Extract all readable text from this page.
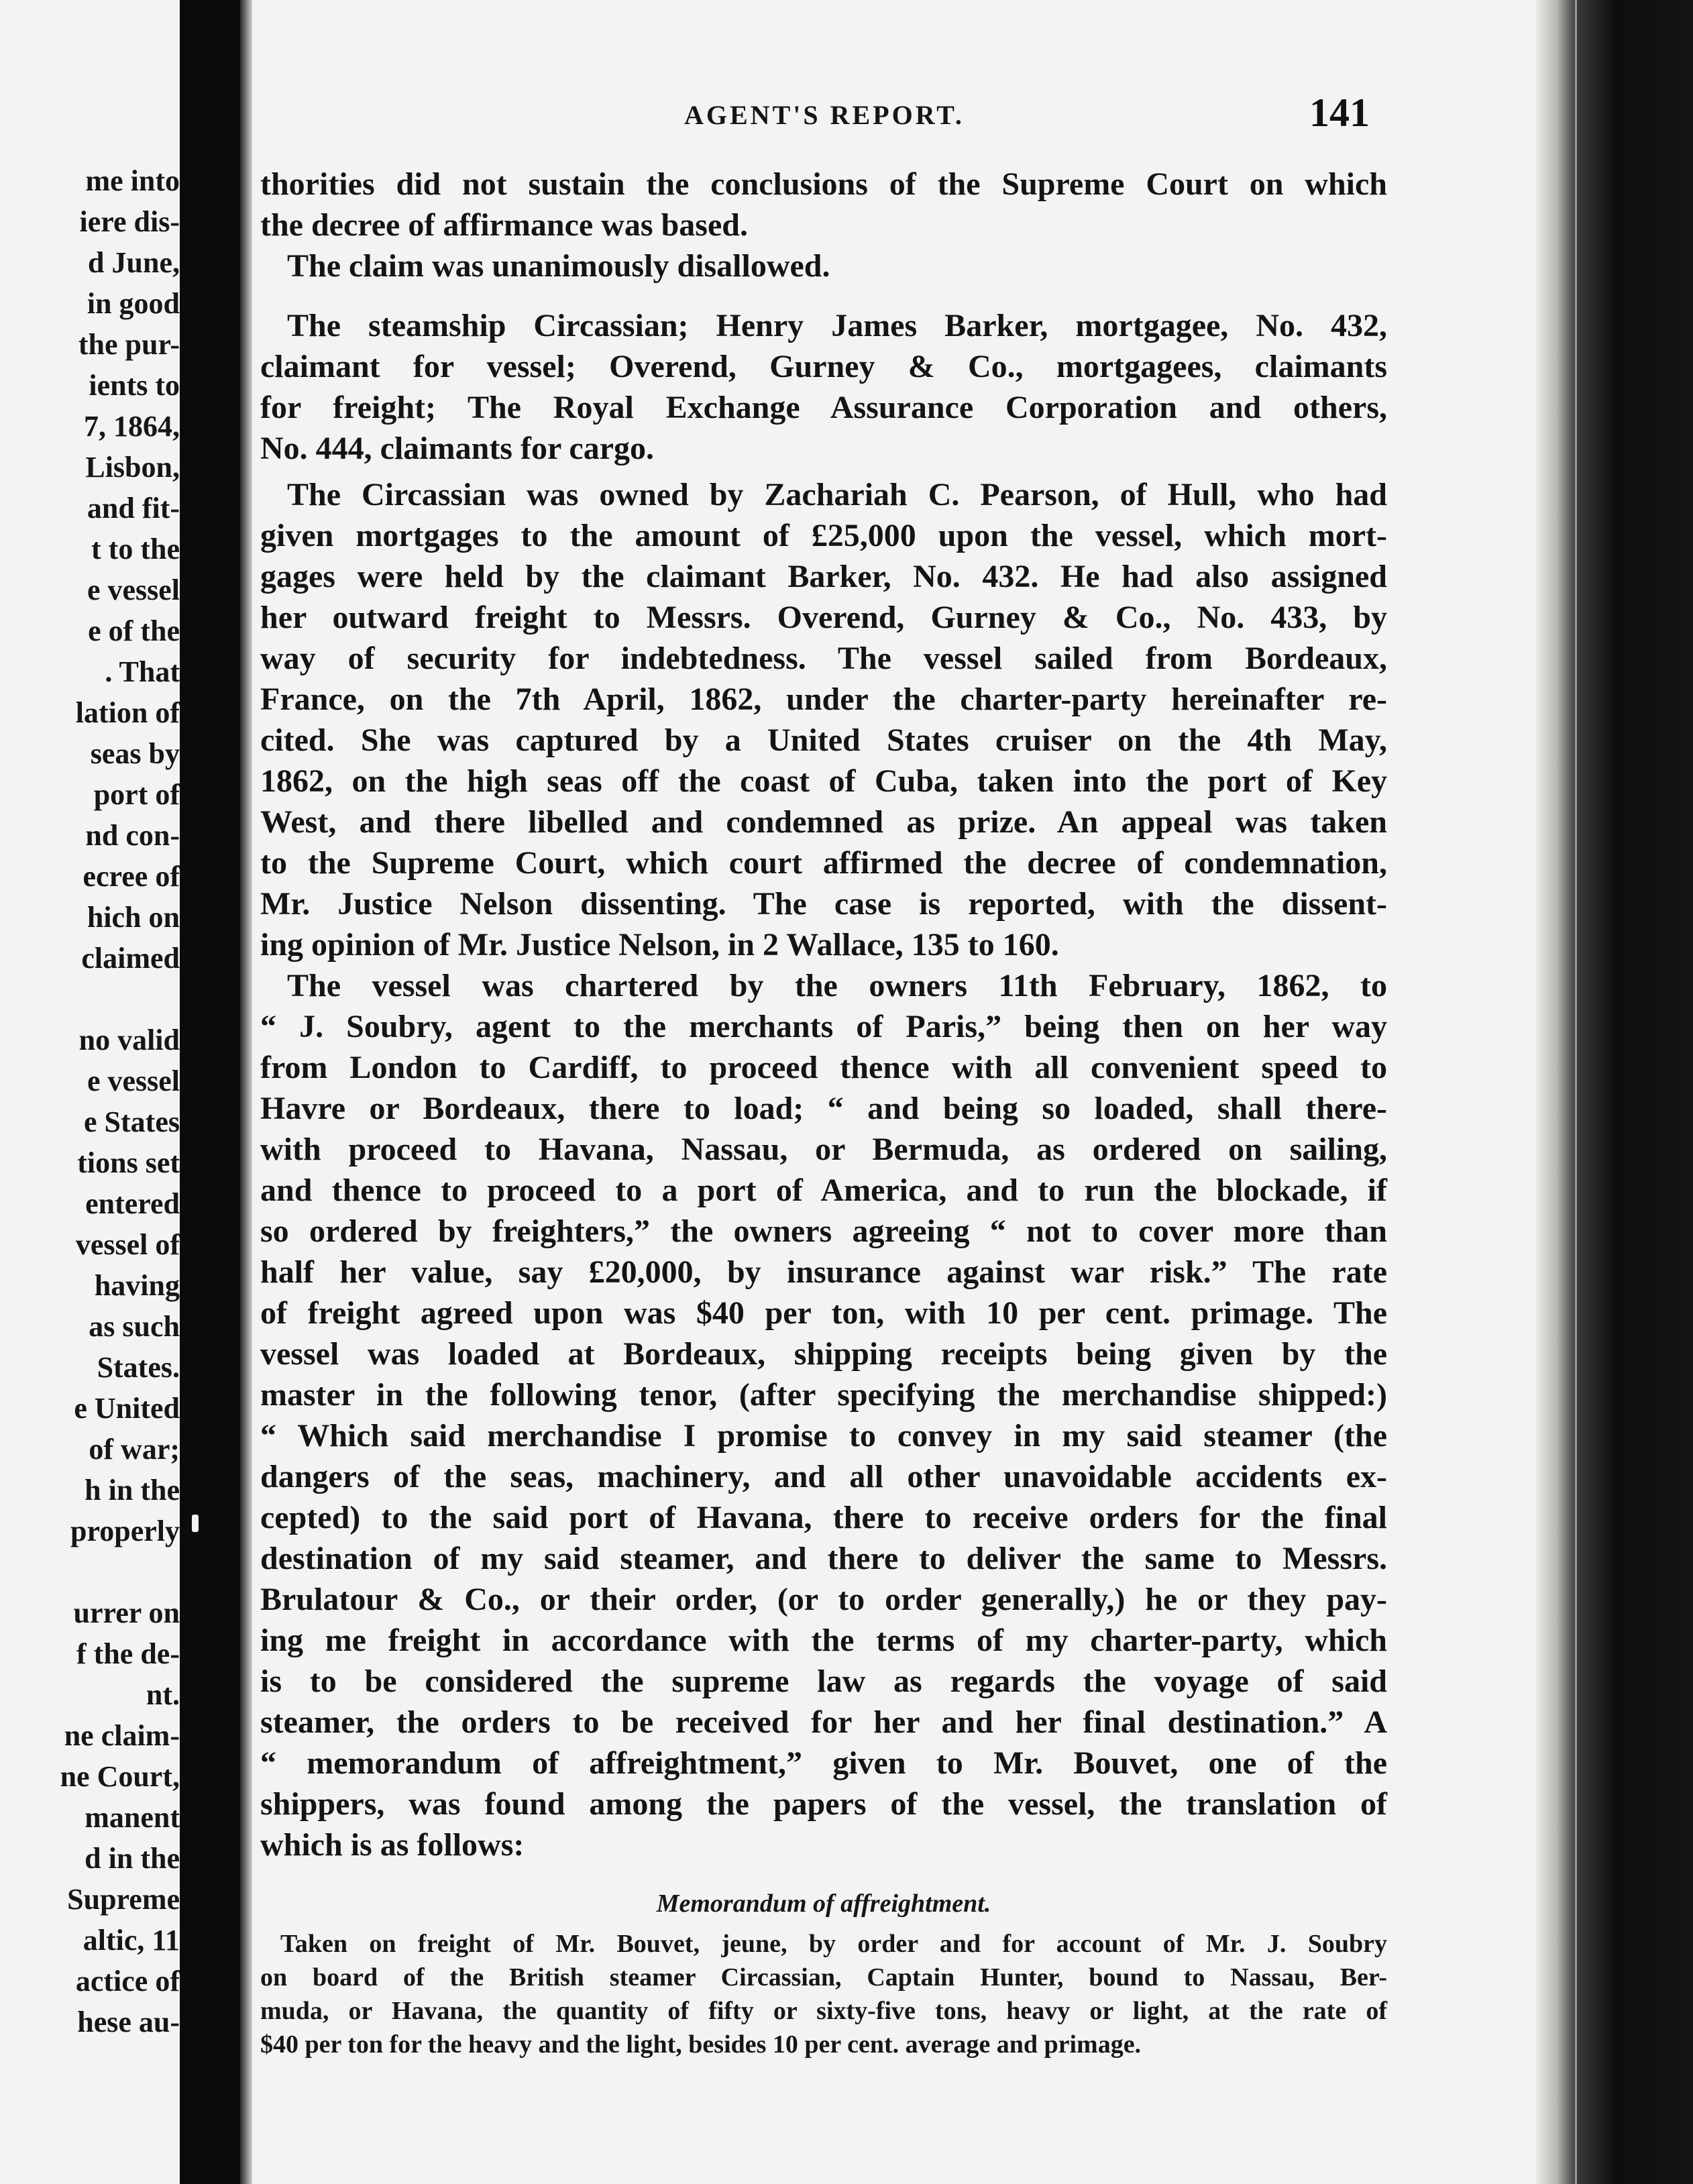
me into
iere dis-
d June,
in good
the pur-
ients to
7, 1864,
Lisbon,
and fit-
t to the
e vessel
e of the
. That
lation of
seas by
port of
nd con-
ecree of
hich on
claimed
no valid
e vessel
e States
tions set
entered
vessel of
having
as such
States.
e United
of war;
h in the
properly
urrer on
f the de-
nt.
ne claim-
ne Court,
manent
d in the
Supreme
altic, 11
actice of
hese au-
AGENT'S REPORT.	141
thorities did not sustain the conclusions of the Supreme Court on which
the decree of affirmance was based.
The claim was unanimously disallowed.
The steamship Circassian; Henry James Barker, mortgagee, No. 432,
claimant for vessel; Overend, Gurney & Co., mortgagees, claimants
for freight; The Royal Exchange Assurance Corporation and others,
No. 444, claimants for cargo.
The Circassian was owned by Zachariah C. Pearson, of Hull, who had
given mortgages to the amount of £25,000 upon the vessel, which mort-
gages were held by the claimant Barker, No. 432. He had also assigned
her outward freight to Messrs. Overend, Gurney & Co., No. 433, by
way of security for indebtedness. The vessel sailed from Bordeaux,
France, on the 7th April, 1862, under the charter-party hereinafter re-
cited. She was captured by a United States cruiser on the 4th May,
1862, on the high seas off the coast of Cuba, taken into the port of Key
West, and there libelled and condemned as prize. An appeal was taken
to the Supreme Court, which court affirmed the decree of condemnation,
Mr. Justice Nelson dissenting. The case is reported, with the dissent-
ing opinion of Mr. Justice Nelson, in 2 Wallace, 135 to 160.
The vessel was chartered by the owners 11th February, 1862, to
“ J. Soubry, agent to the merchants of Paris,” being then on her way
from London to Cardiff, to proceed thence with all convenient speed to
Havre or Bordeaux, there to load; “ and being so loaded, shall there-
with proceed to Havana, Nassau, or Bermuda, as ordered on sailing,
and thence to proceed to a port of America, and to run the blockade, if
so ordered by freighters,” the owners agreeing “ not to cover more than
half her value, say £20,000, by insurance against war risk.” The rate
of freight agreed upon was $40 per ton, with 10 per cent. primage. The
vessel was loaded at Bordeaux, shipping receipts being given by the
master in the following tenor, (after specifying the merchandise shipped:)
“ Which said merchandise I promise to convey in my said steamer (the
dangers of the seas, machinery, and all other unavoidable accidents ex-
cepted) to the said port of Havana, there to receive orders for the final
destination of my said steamer, and there to deliver the same to Messrs.
Brulatour & Co., or their order, (or to order generally,) he or they pay-
ing me freight in accordance with the terms of my charter-party, which
is to be considered the supreme law as regards the voyage of said
steamer, the orders to be received for her and her final destination.” A
“ memorandum of affreightment,” given to Mr. Bouvet, one of the
shippers, was found among the papers of the vessel, the translation of
which is as follows:
Memorandum of affreightment.
Taken on freight of Mr. Bouvet, jeune, by order and for account of Mr. J. Soubry
on board of the British steamer Circassian, Captain Hunter, bound to Nassau, Ber-
muda, or Havana, the quantity of fifty or sixty-five tons, heavy or light, at the rate of
$40 per ton for the heavy and the light, besides 10 per cent. average and primage.
